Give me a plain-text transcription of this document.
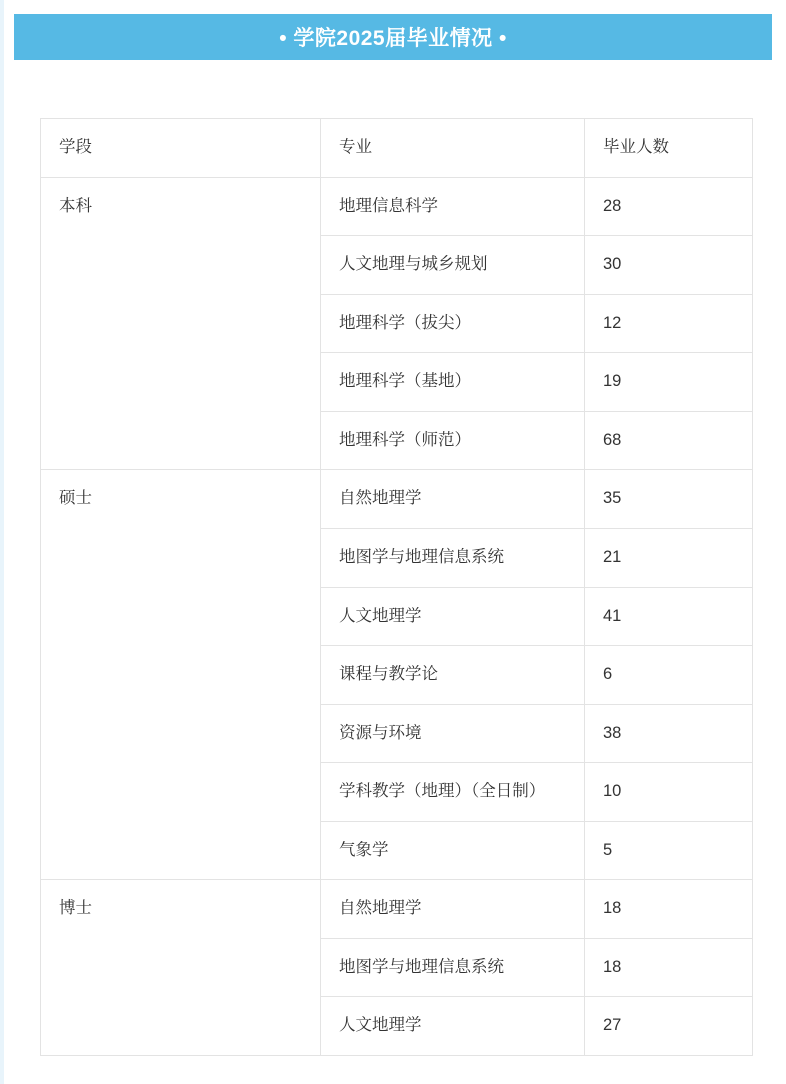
• 学院2025届毕业情况 •
学段	专业	毕业人数
本科	地理信息科学	28
	人文地理与城乡规划	30
	地理科学（拔尖）	12
	地理科学（基地）	19
	地理科学（师范）	68
硕士	自然地理学	35
	地图学与地理信息系统	21
	人文地理学	41
	课程与教学论	6
	资源与环境	38
	学科教学（地理）（全日制）	10
	气象学	5
博士	自然地理学	18
	地图学与地理信息系统	18
	人文地理学	27
